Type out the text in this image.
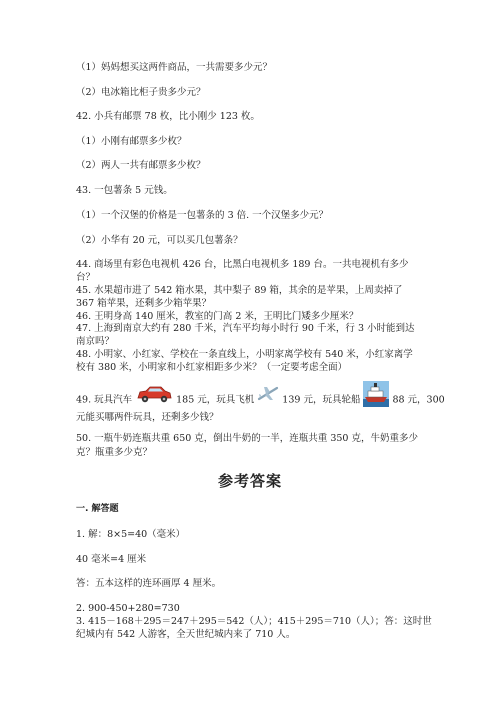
（1）妈妈想买这两件商品，一共需要多少元？
（2）电冰箱比柜子贵多少元？
42. 小兵有邮票 78 枚，比小刚少 123 枚。
（1）小刚有邮票多少枚？
（2）两人一共有邮票多少枚？
43. 一包薯条 5 元钱。
（1）一个汉堡的价格是一包薯条的 3 倍. 一个汉堡多少元？
（2）小华有 20 元，可以买几包薯条？
44. 商场里有彩色电视机 426 台，比黑白电视机多 189 台。一共电视机有多少
台？
45. 水果超市进了 542 箱水果，其中梨子 89 箱，其余的是苹果，上周卖掉了
367 箱苹果，还剩多少箱苹果？
46. 王明身高 140 厘米，教室的门高 2 米，王明比门矮多少厘米？
47. 上海到南京大约有 280 千米，汽车平均每小时行 90 千米，行 3 小时能到达
南京吗？
48. 小明家、小红家、学校在一条直线上，小明家离学校有 540 米，小红家离学
校有 380 米，小明家和小红家相距多少米？（一定要考虑全面）
49. 玩具汽车	185 元，玩具飞机	139 元，玩具轮船	88 元，300
元能买哪两件玩具，还剩多少钱？
50. 一瓶牛奶连瓶共重 650 克，倒出牛奶的一半，连瓶共重 350 克，牛奶重多少
克？瓶重多少克？
参考答案
一. 解答题
1. 解：8×5=40（毫米）
40 毫米=4 厘米
答：五本这样的连环画厚 4 厘米。
2. 900-450+280=730
3. 415－168＋295＝247＋295＝542（人）；415＋295＝710（人）；答：这时世
纪城内有 542 人游客，全天世纪城内来了 710 人。
